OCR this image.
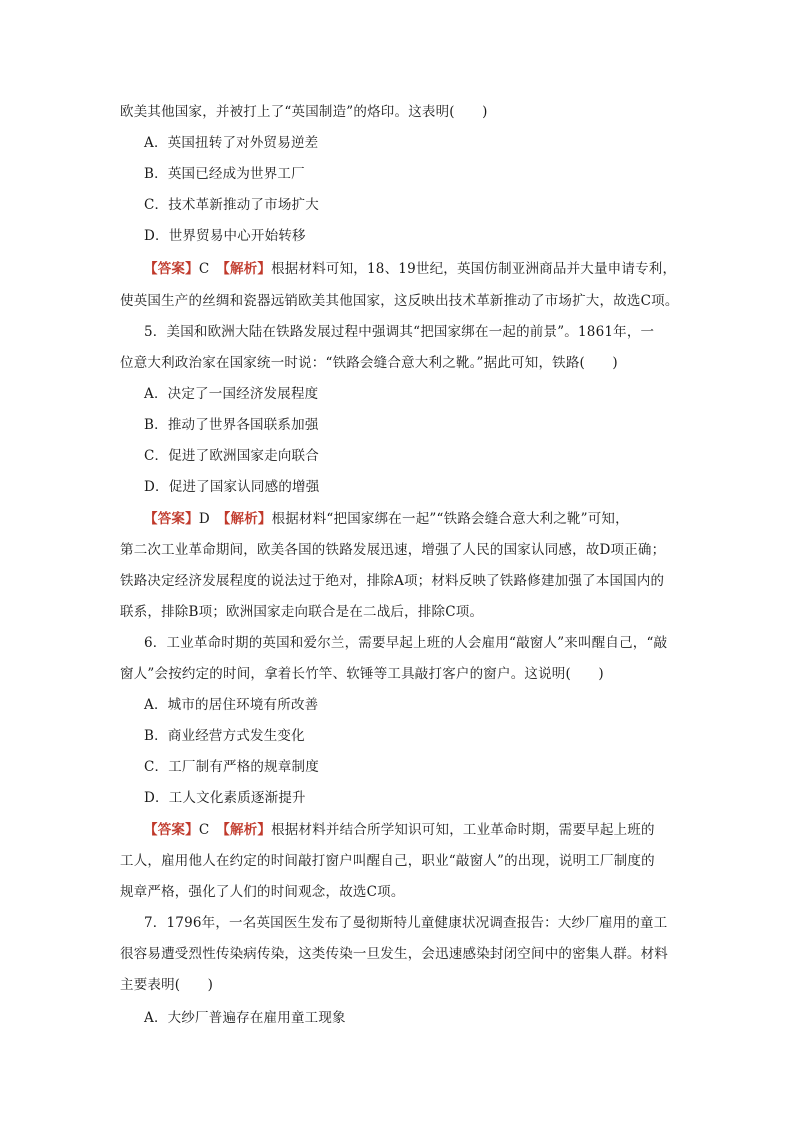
欧美其他国家，并被打上了“英国制造”的烙印。这表明(　　)
A．英国扭转了对外贸易逆差
B．英国已经成为世界工厂
C．技术革新推动了市场扩大
D．世界贸易中心开始转移
【答案】C　 【解析】根据材料可知，18、19世纪，英国仿制亚洲商品并大量申请专利，
使英国生产的丝绸和瓷器远销欧美其他国家，这反映出技术革新推动了市场扩大，故选C项。
5．美国和欧洲大陆在铁路发展过程中强调其“把国家绑在一起的前景”。1861年，一
位意大利政治家在国家统一时说：“铁路会缝合意大利之靴。”据此可知，铁路(　　)
A．决定了一国经济发展程度
B．推动了世界各国联系加强
C．促进了欧洲国家走向联合
D．促进了国家认同感的增强
【答案】D　 【解析】根据材料“把国家绑在一起”“铁路会缝合意大利之靴”可知，
第二次工业革命期间，欧美各国的铁路发展迅速，增强了人民的国家认同感，故D项正确；
铁路决定经济发展程度的说法过于绝对，排除A项；材料反映了铁路修建加强了本国国内的
联系，排除B项；欧洲国家走向联合是在二战后，排除C项。
6．工业革命时期的英国和爱尔兰，需要早起上班的人会雇用“敲窗人”来叫醒自己，“敲
窗人”会按约定的时间，拿着长竹竿、软锤等工具敲打客户的窗户。这说明(　　)
A．城市的居住环境有所改善
B．商业经营方式发生变化
C．工厂制有严格的规章制度
D．工人文化素质逐渐提升
【答案】C　 【解析】根据材料并结合所学知识可知，工业革命时期，需要早起上班的
工人，雇用他人在约定的时间敲打窗户叫醒自己，职业“敲窗人”的出现，说明工厂制度的
规章严格，强化了人们的时间观念，故选C项。
7．1796年，一名英国医生发布了曼彻斯特儿童健康状况调查报告：大纱厂雇用的童工
很容易遭受烈性传染病传染，这类传染一旦发生，会迅速感染封闭空间中的密集人群。材料
主要表明(　　)
A．大纱厂普遍存在雇用童工现象
